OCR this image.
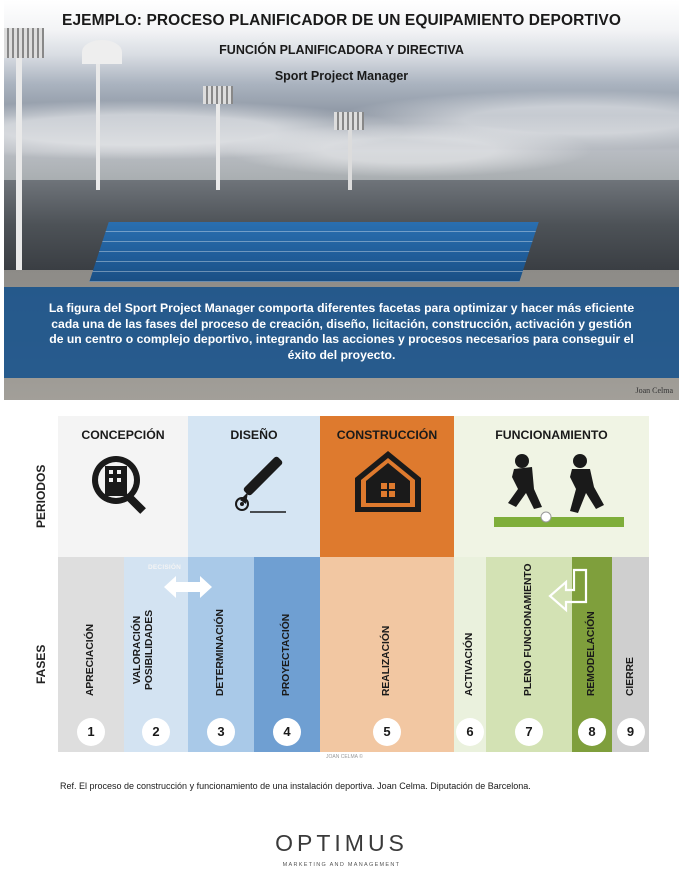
EJEMPLO: PROCESO PLANIFICADOR DE UN EQUIPAMIENTO DEPORTIVO
FUNCIÓN PLANIFICADORA Y DIRECTIVA
Sport Project Manager
La figura del Sport Project Manager comporta diferentes facetas para optimizar y hacer más eficiente cada una de las fases del proceso de creación, diseño, licitación, construcción, activación y gestión de un centro o complejo deportivo, integrando las acciones y procesos necesarios para conseguir el éxito del proyecto.
Joan Celma
PERIODOS
FASES
CONCEPCIÓN	DISEÑO	CONSTRUCCIÓN	FUNCIONAMIENTO
APRECIACIÓN
1
VALORACIÓN POSIBILIDADES
2
DETERMINACIÓN
3
PROYECTACIÓN
4
REALIZACIÓN
5
ACTIVACIÓN
6
PLENO FUNCIONAMIENTO
7
REMODELACIÓN
8
CIERRE
9
DECISIÓN
JOAN CELMA ©
Ref. El proceso de construcción y funcionamiento de una instalación deportiva. Joan Celma. Diputación de Barcelona.
OPTIMUS
MARKETING AND MANAGEMENT
